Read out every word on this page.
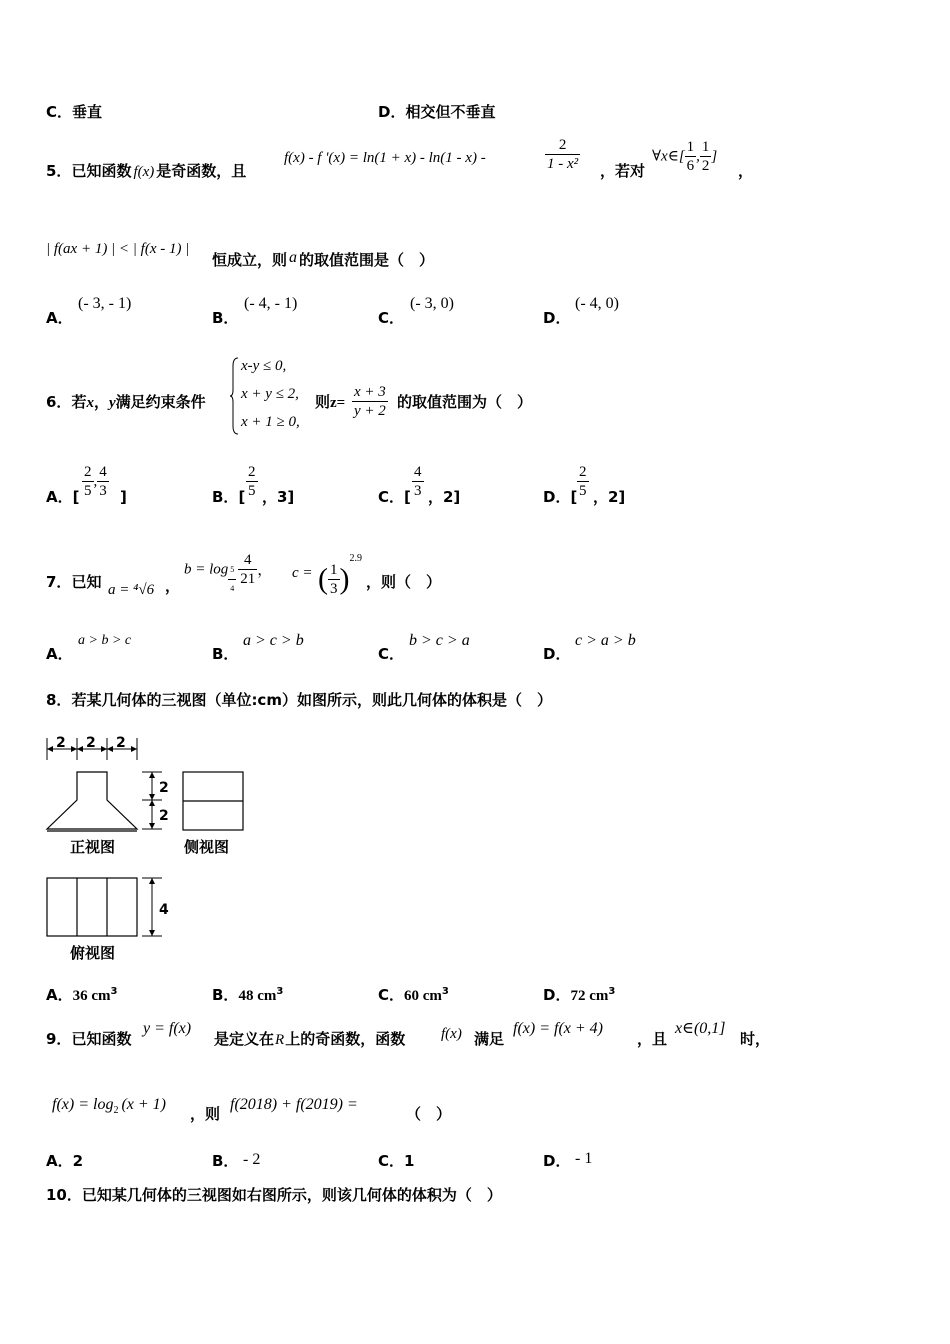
C．垂直	D．相交但不垂直
5．已知函数 f(x) 是奇函数，且
f(x) - f '(x) = ln(1 + x) - ln(1 - x) -	$\frac{2}{\text{1 - x²}}$ ，若对
∀x∈[ $\frac{1}{6}$ , $\frac{1}{2}$ ]
，
| f(ax + 1) | < | f(x - 1) |
恒成立，则 a 的取值范围是（　）
A．
(- 3, - 1)
B．
(- 4, - 1)
C．
(- 3, 0)
D．
(- 4, 0)
6．若x，y满足约束条件
x-y ≤ 0,
x + y ≤ 2,
x + 1 ≥ 0,
则$z= \frac{x + 3}{y + 2}$ 的取值范围为（　）
A．[ $\frac{2}{5}$ , $\frac{4}{3}$ ]	B．[ $\frac{2}{5}$ ，3]	C．[ $\frac{4}{3}$ ，2]	D．[ $\frac{2}{5}$ ，2]
7．已知 a = ⁴√6 ，
$b = \log \frac{5}{4} \frac{4}{21}$ ， c = ( $\frac{1}{3} )^{2.9}$
，则（　）
A．
a > b > c
B．
a > c > b
C．
b > c > a
D．
c > a > b
8．若某几何体的三视图（单位:cm）如图所示，则此几何体的体积是（　）
2 2 2
2
2
4
正视图	侧视图
俯视图
A．36 $cm^3$	B．48 $cm^3$	C．60 $cm^3$	D．72 $cm^3$
9．已知函数
y = f(x)
是定义在R上的奇函数，函数 f(x) 满足
f(x) = f(x + 4)
，且
x∈(0,1]
时，
$f(x) = \log_2 (x + 1)$
，则
f(2018) + f(2019) =
（　）
A．2	B． - 2	C．1	D． - 1
10．已知某几何体的三视图如右图所示，则该几何体的体积为（　）
